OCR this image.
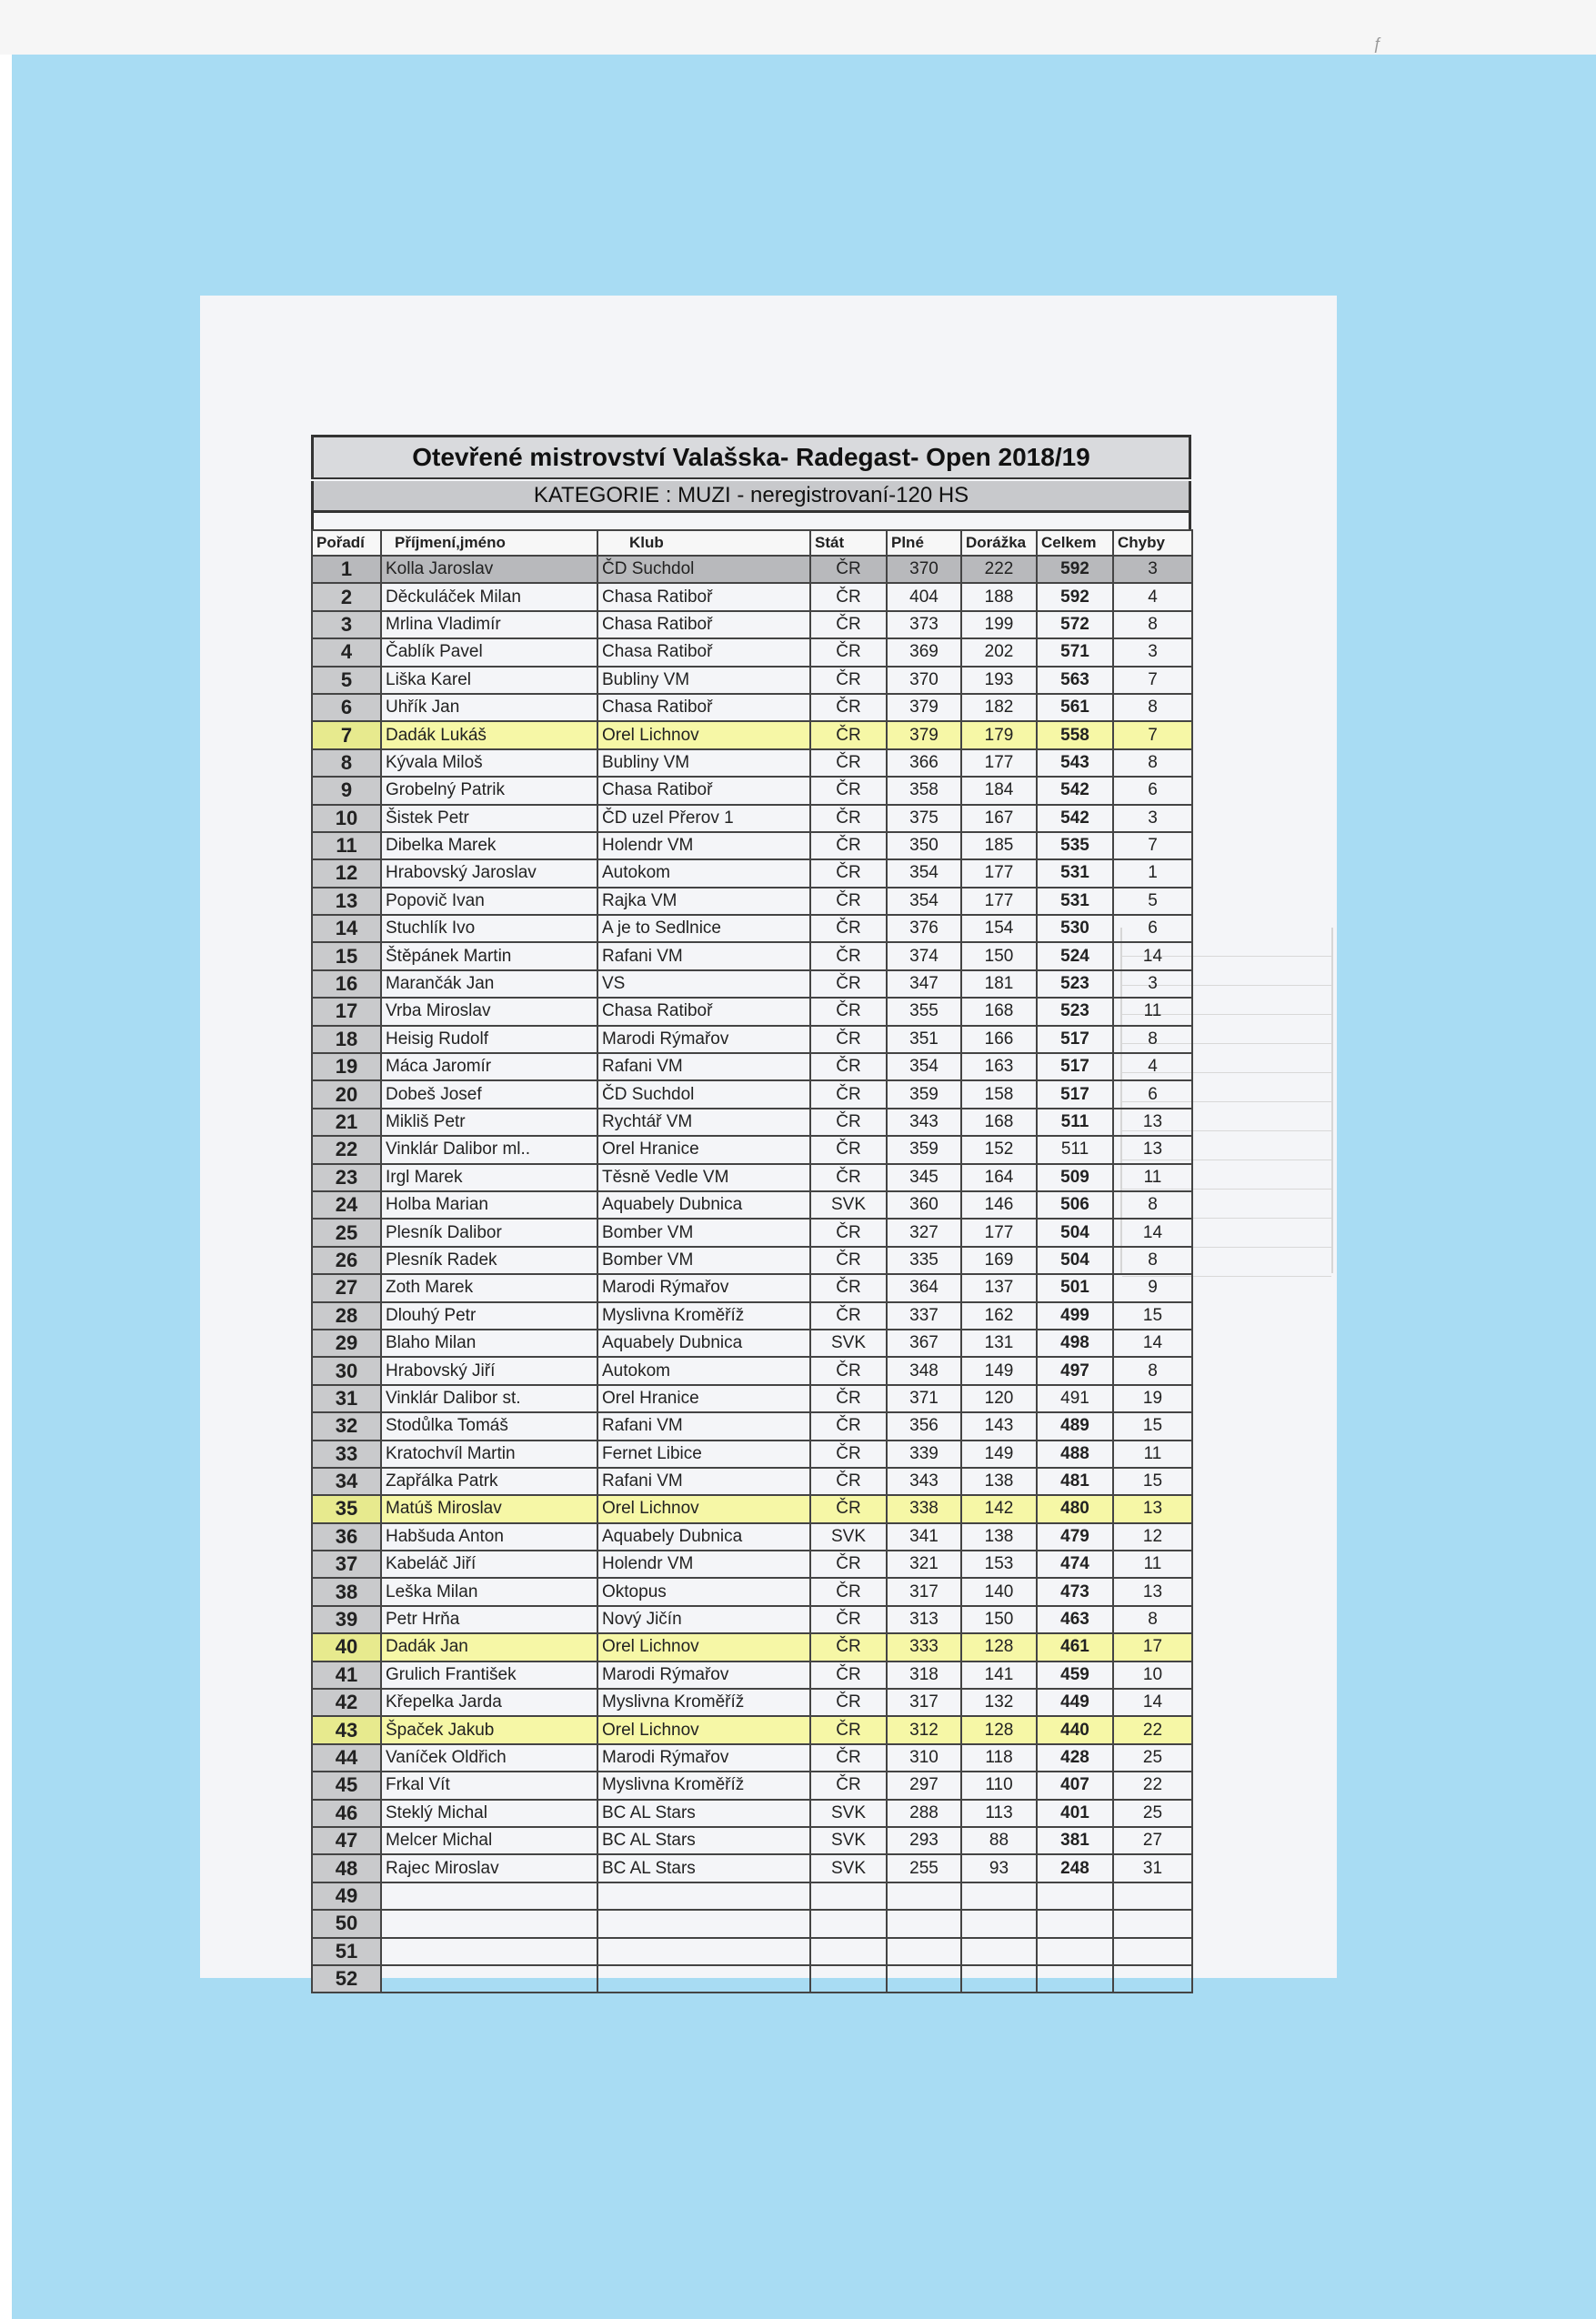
ƒ
Otevřené mistrovství Valašska- Radegast- Open 2018/19
KATEGORIE : MUZI - neregistrovaní-120 HS
Pořadí	Příjmení,jméno	Klub	Stát	Plné	Dorážka	Celkem	Chyby
1	Kolla Jaroslav	ČD Suchdol	ČR	370	222	592	3
2	Děckuláček Milan	Chasa Ratiboř	ČR	404	188	592	4
3	Mrlina Vladimír	Chasa Ratiboř	ČR	373	199	572	8
4	Čablík Pavel	Chasa Ratiboř	ČR	369	202	571	3
5	Liška Karel	Bubliny VM	ČR	370	193	563	7
6	Uhřík Jan	Chasa Ratiboř	ČR	379	182	561	8
7	Dadák Lukáš	Orel Lichnov	ČR	379	179	558	7
8	Kývala Miloš	Bubliny VM	ČR	366	177	543	8
9	Grobelný Patrik	Chasa Ratiboř	ČR	358	184	542	6
10	Šistek Petr	ČD uzel Přerov 1	ČR	375	167	542	3
11	Dibelka Marek	Holendr VM	ČR	350	185	535	7
12	Hrabovský Jaroslav	Autokom	ČR	354	177	531	1
13	Popovič Ivan	Rajka VM	ČR	354	177	531	5
14	Stuchlík Ivo	A je to Sedlnice	ČR	376	154	530	6
15	Štěpánek Martin	Rafani VM	ČR	374	150	524	14
16	Marančák Jan	VS	ČR	347	181	523	3
17	Vrba Miroslav	Chasa Ratiboř	ČR	355	168	523	11
18	Heisig Rudolf	Marodi Rýmařov	ČR	351	166	517	8
19	Máca Jaromír	Rafani VM	ČR	354	163	517	4
20	Dobeš Josef	ČD Suchdol	ČR	359	158	517	6
21	Mikliš Petr	Rychtář VM	ČR	343	168	511	13
22	Vinklár Dalibor ml..	Orel Hranice	ČR	359	152	511	13
23	Irgl Marek	Těsně Vedle VM	ČR	345	164	509	11
24	Holba Marian	Aquabely Dubnica	SVK	360	146	506	8
25	Plesník Dalibor	Bomber VM	ČR	327	177	504	14
26	Plesník Radek	Bomber VM	ČR	335	169	504	8
27	Zoth Marek	Marodi Rýmařov	ČR	364	137	501	9
28	Dlouhý Petr	Myslivna Kroměříž	ČR	337	162	499	15
29	Blaho Milan	Aquabely Dubnica	SVK	367	131	498	14
30	Hrabovský Jiří	Autokom	ČR	348	149	497	8
31	Vinklár Dalibor st.	Orel Hranice	ČR	371	120	491	19
32	Stodůlka Tomáš	Rafani VM	ČR	356	143	489	15
33	Kratochvíl Martin	Fernet Libice	ČR	339	149	488	11
34	Zapřálka Patrk	Rafani VM	ČR	343	138	481	15
35	Matúš Miroslav	Orel Lichnov	ČR	338	142	480	13
36	Habšuda Anton	Aquabely Dubnica	SVK	341	138	479	12
37	Kabeláč Jiří	Holendr VM	ČR	321	153	474	11
38	Leška Milan	Oktopus	ČR	317	140	473	13
39	Petr Hrňa	Nový Jičín	ČR	313	150	463	8
40	Dadák Jan	Orel Lichnov	ČR	333	128	461	17
41	Grulich František	Marodi Rýmařov	ČR	318	141	459	10
42	Křepelka Jarda	Myslivna Kroměříž	ČR	317	132	449	14
43	Špaček Jakub	Orel Lichnov	ČR	312	128	440	22
44	Vaníček Oldřich	Marodi Rýmařov	ČR	310	118	428	25
45	Frkal Vít	Myslivna Kroměříž	ČR	297	110	407	22
46	Steklý Michal	BC AL Stars	SVK	288	113	401	25
47	Melcer Michal	BC AL Stars	SVK	293	88	381	27
48	Rajec Miroslav	BC AL Stars	SVK	255	93	248	31
49							
50							
51							
52							
